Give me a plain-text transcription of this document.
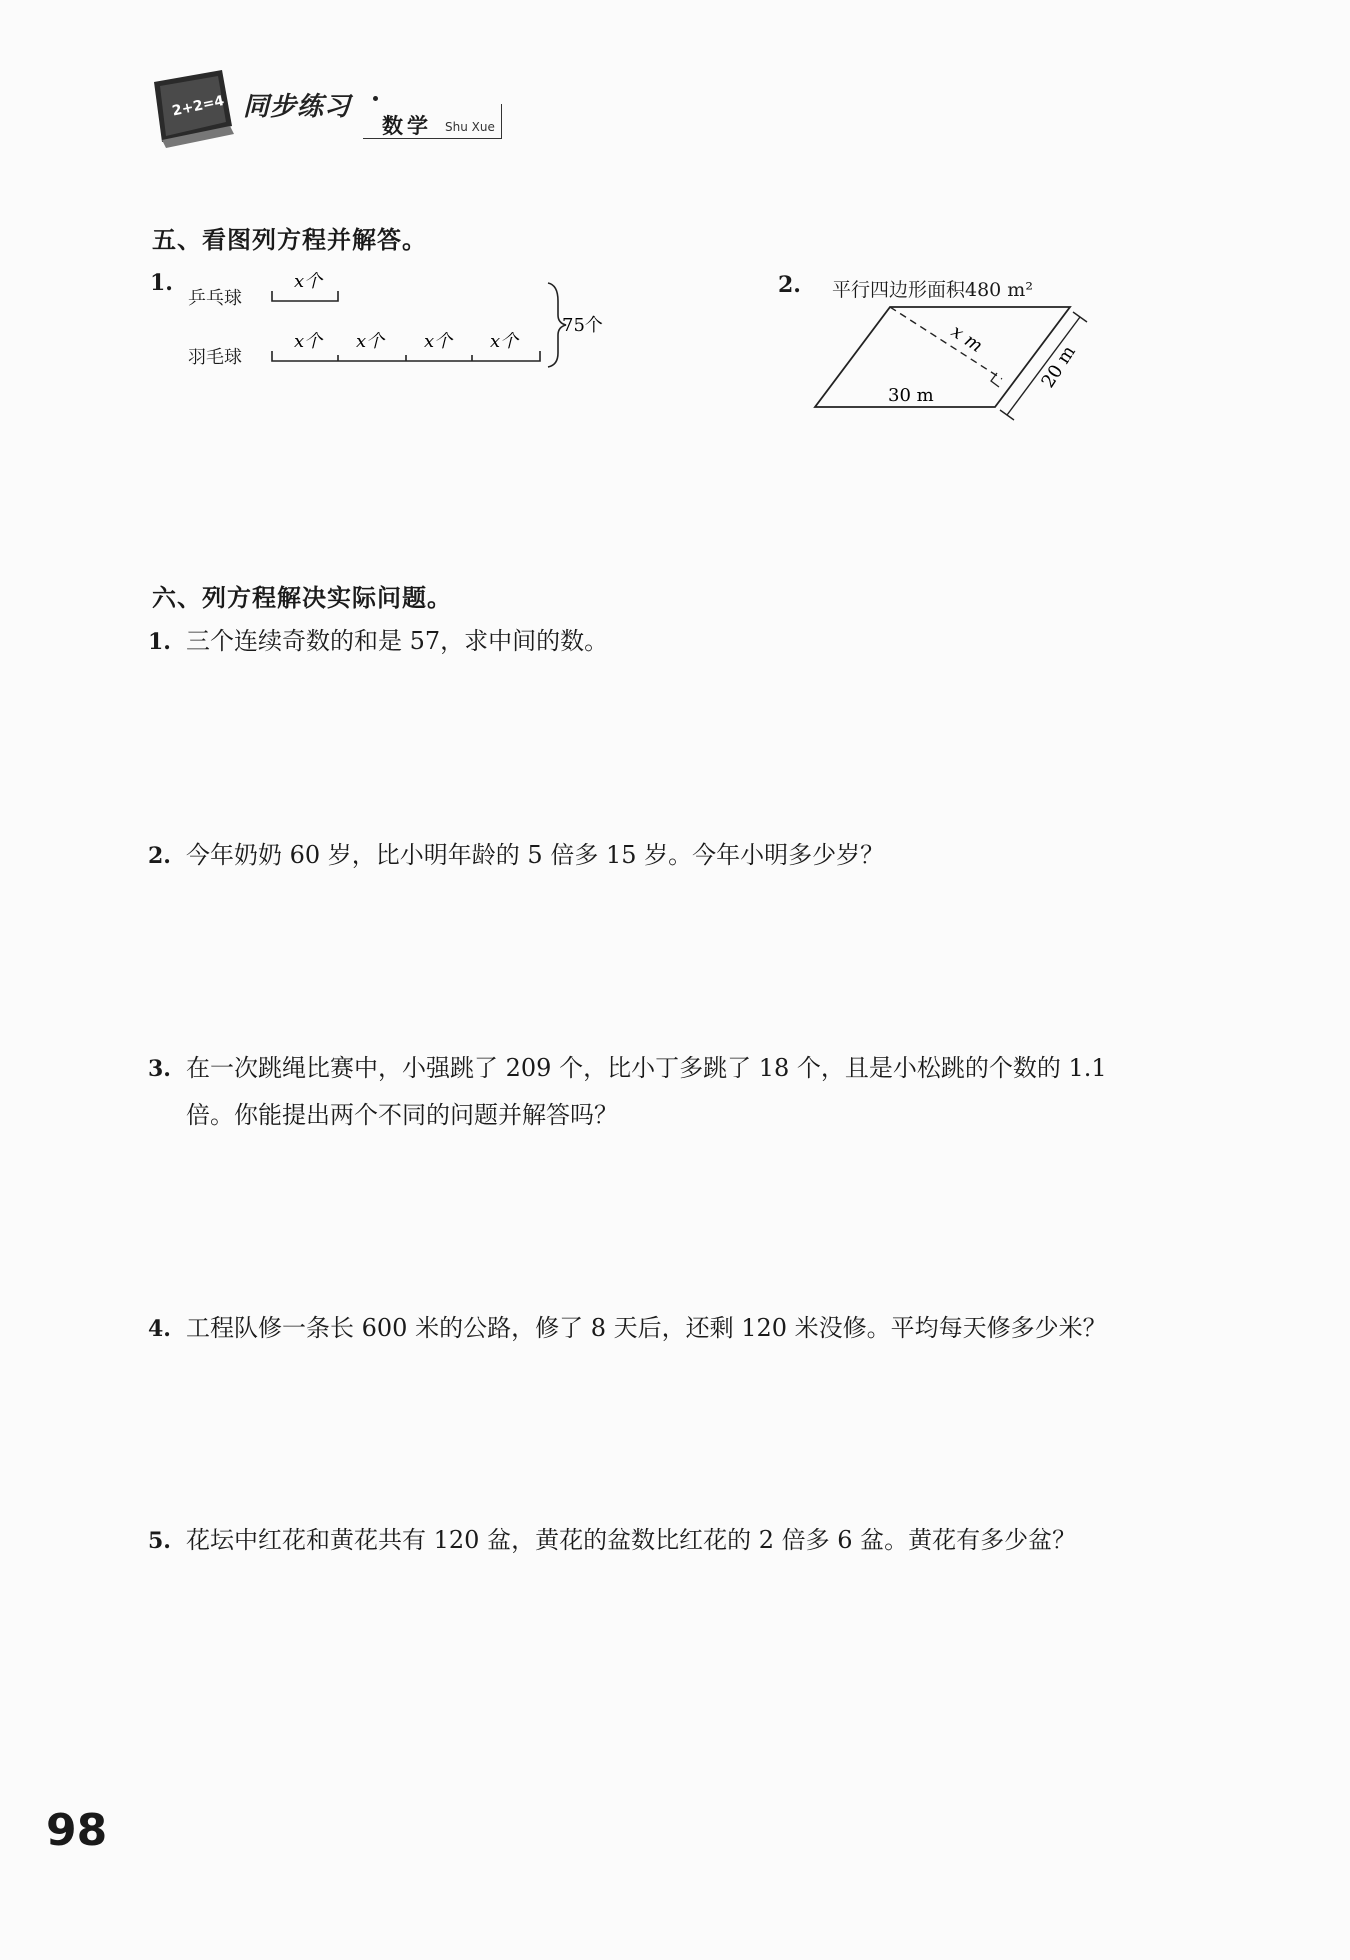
2+2=4 同步练习
数学 Shu Xue
五、看图列方程并解答。
1.
乒乓球
羽毛球
x个
x个 x个 x个 x个
75个
2.	平行四边形面积480 m²
x m
20 m
30 m
六、列方程解决实际问题。
1. 三个连续奇数的和是 57，求中间的数。
2. 今年奶奶 60 岁，比小明年龄的 5 倍多 15 岁。今年小明多少岁？
3. 在一次跳绳比赛中，小强跳了 209 个，比小丁多跳了 18 个，且是小松跳的个数的 1.1
倍。你能提出两个不同的问题并解答吗？
4. 工程队修一条长 600 米的公路，修了 8 天后，还剩 120 米没修。平均每天修多少米？
5. 花坛中红花和黄花共有 120 盆，黄花的盆数比红花的 2 倍多 6 盆。黄花有多少盆？
98
